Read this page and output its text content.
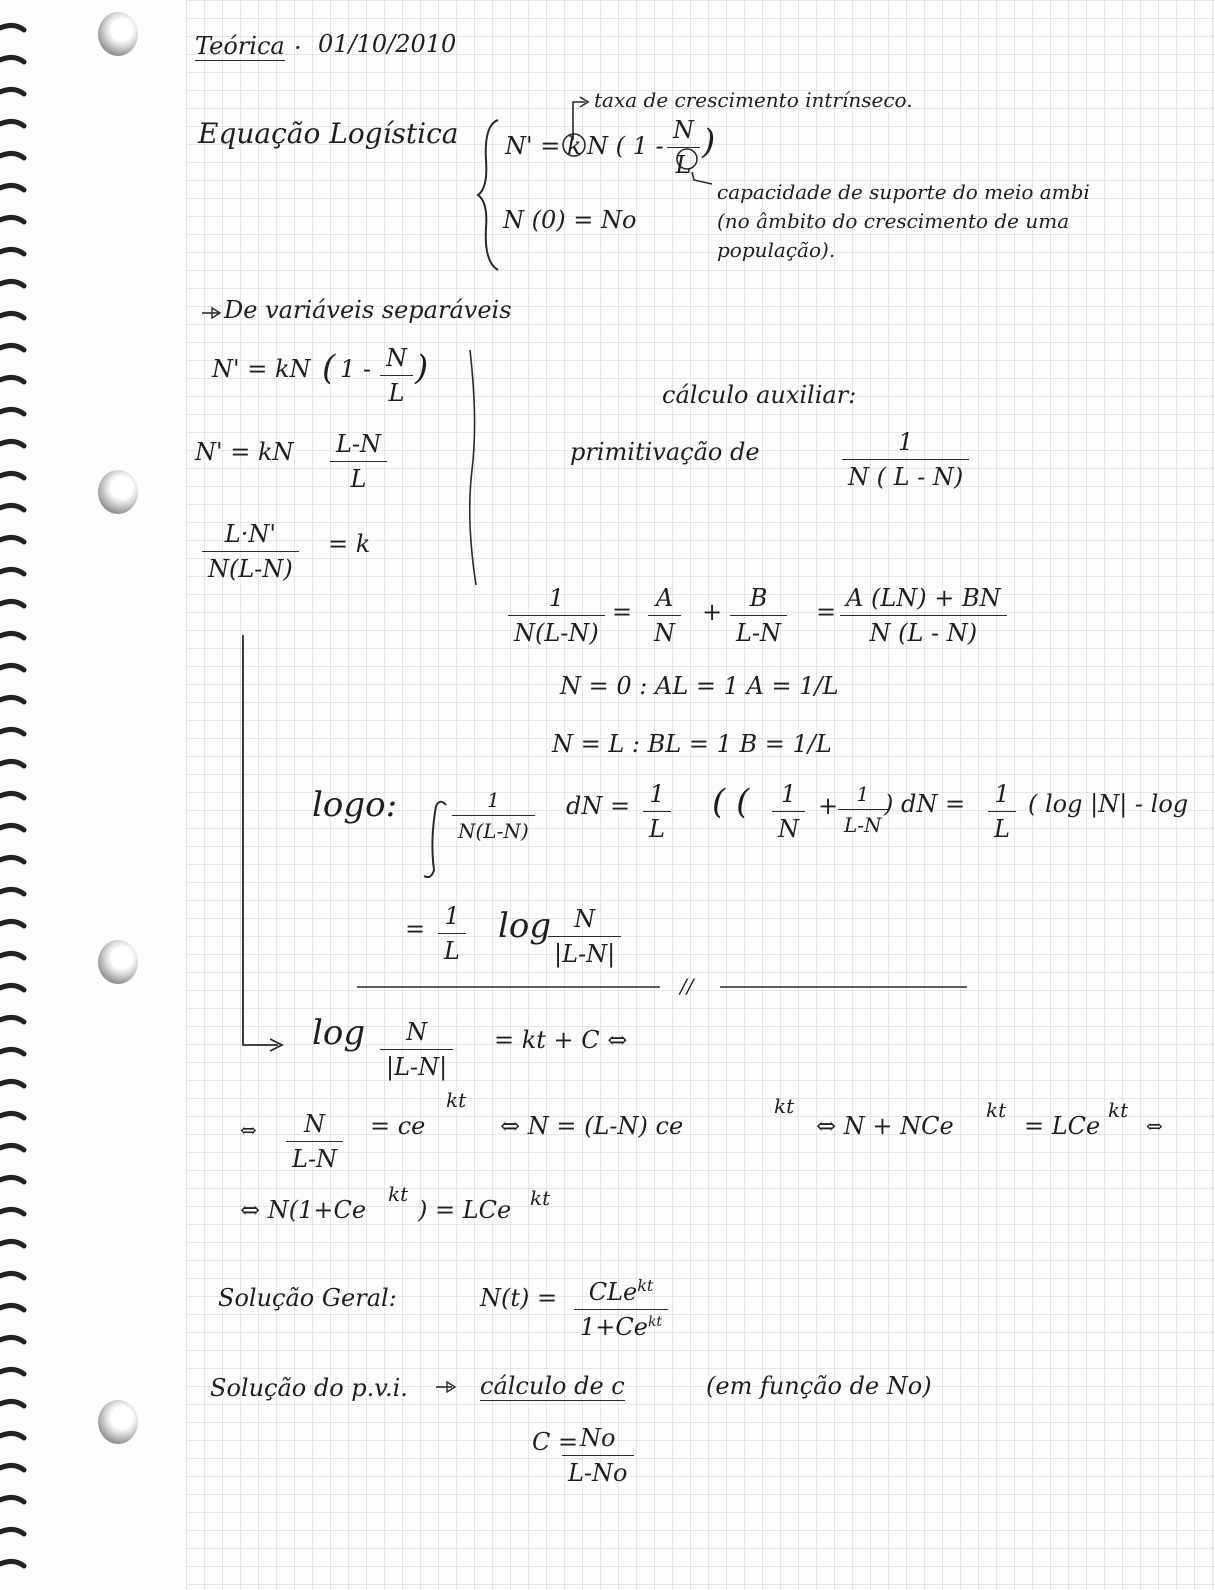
Teórica 01/10/2010
·
Equação Logística N' = k N ( 1 -
N
L
)
N (0) = No
taxa de crescimento intrínseco.
capacidade de suporte do meio ambi
(no âmbito do crescimento de uma
população).
De variáveis separáveis
N' = kN ( 1 - N
L
)
N' = kN L-N
L
L·N'
N(L-N)
= k
cálculo auxiliar:
primitivação de	1
N ( L - N)
1
N(L-N)
= A
N
+ B
L-N
= A (LN) + BN
N (L - N)
N = 0 : AL = 1 A = 1/L
N = L : BL = 1 B = 1/L
logo:	1
N(L-N)
dN = 1
L
( ( 1
N
+ 1
L-N
) dN = 1
L
( log |N| - log
= 1
L
log N
|L-N|
//
log N
|L-N|
= kt + C ⇔
⇔ N
L-N
= ce
kt
⇔ N = (L-N) ce
kt
⇔ N + NCe
kt
= LCe
kt
⇔
⇔ N(1+Ce
kt
) = LCe kt
Solução Geral:	N(t) = CLe$^{kt}$
$1+Ce^{kt}$
Solução do p.v.i.	cálculo de c	(em função de No)
C = No
L-No
